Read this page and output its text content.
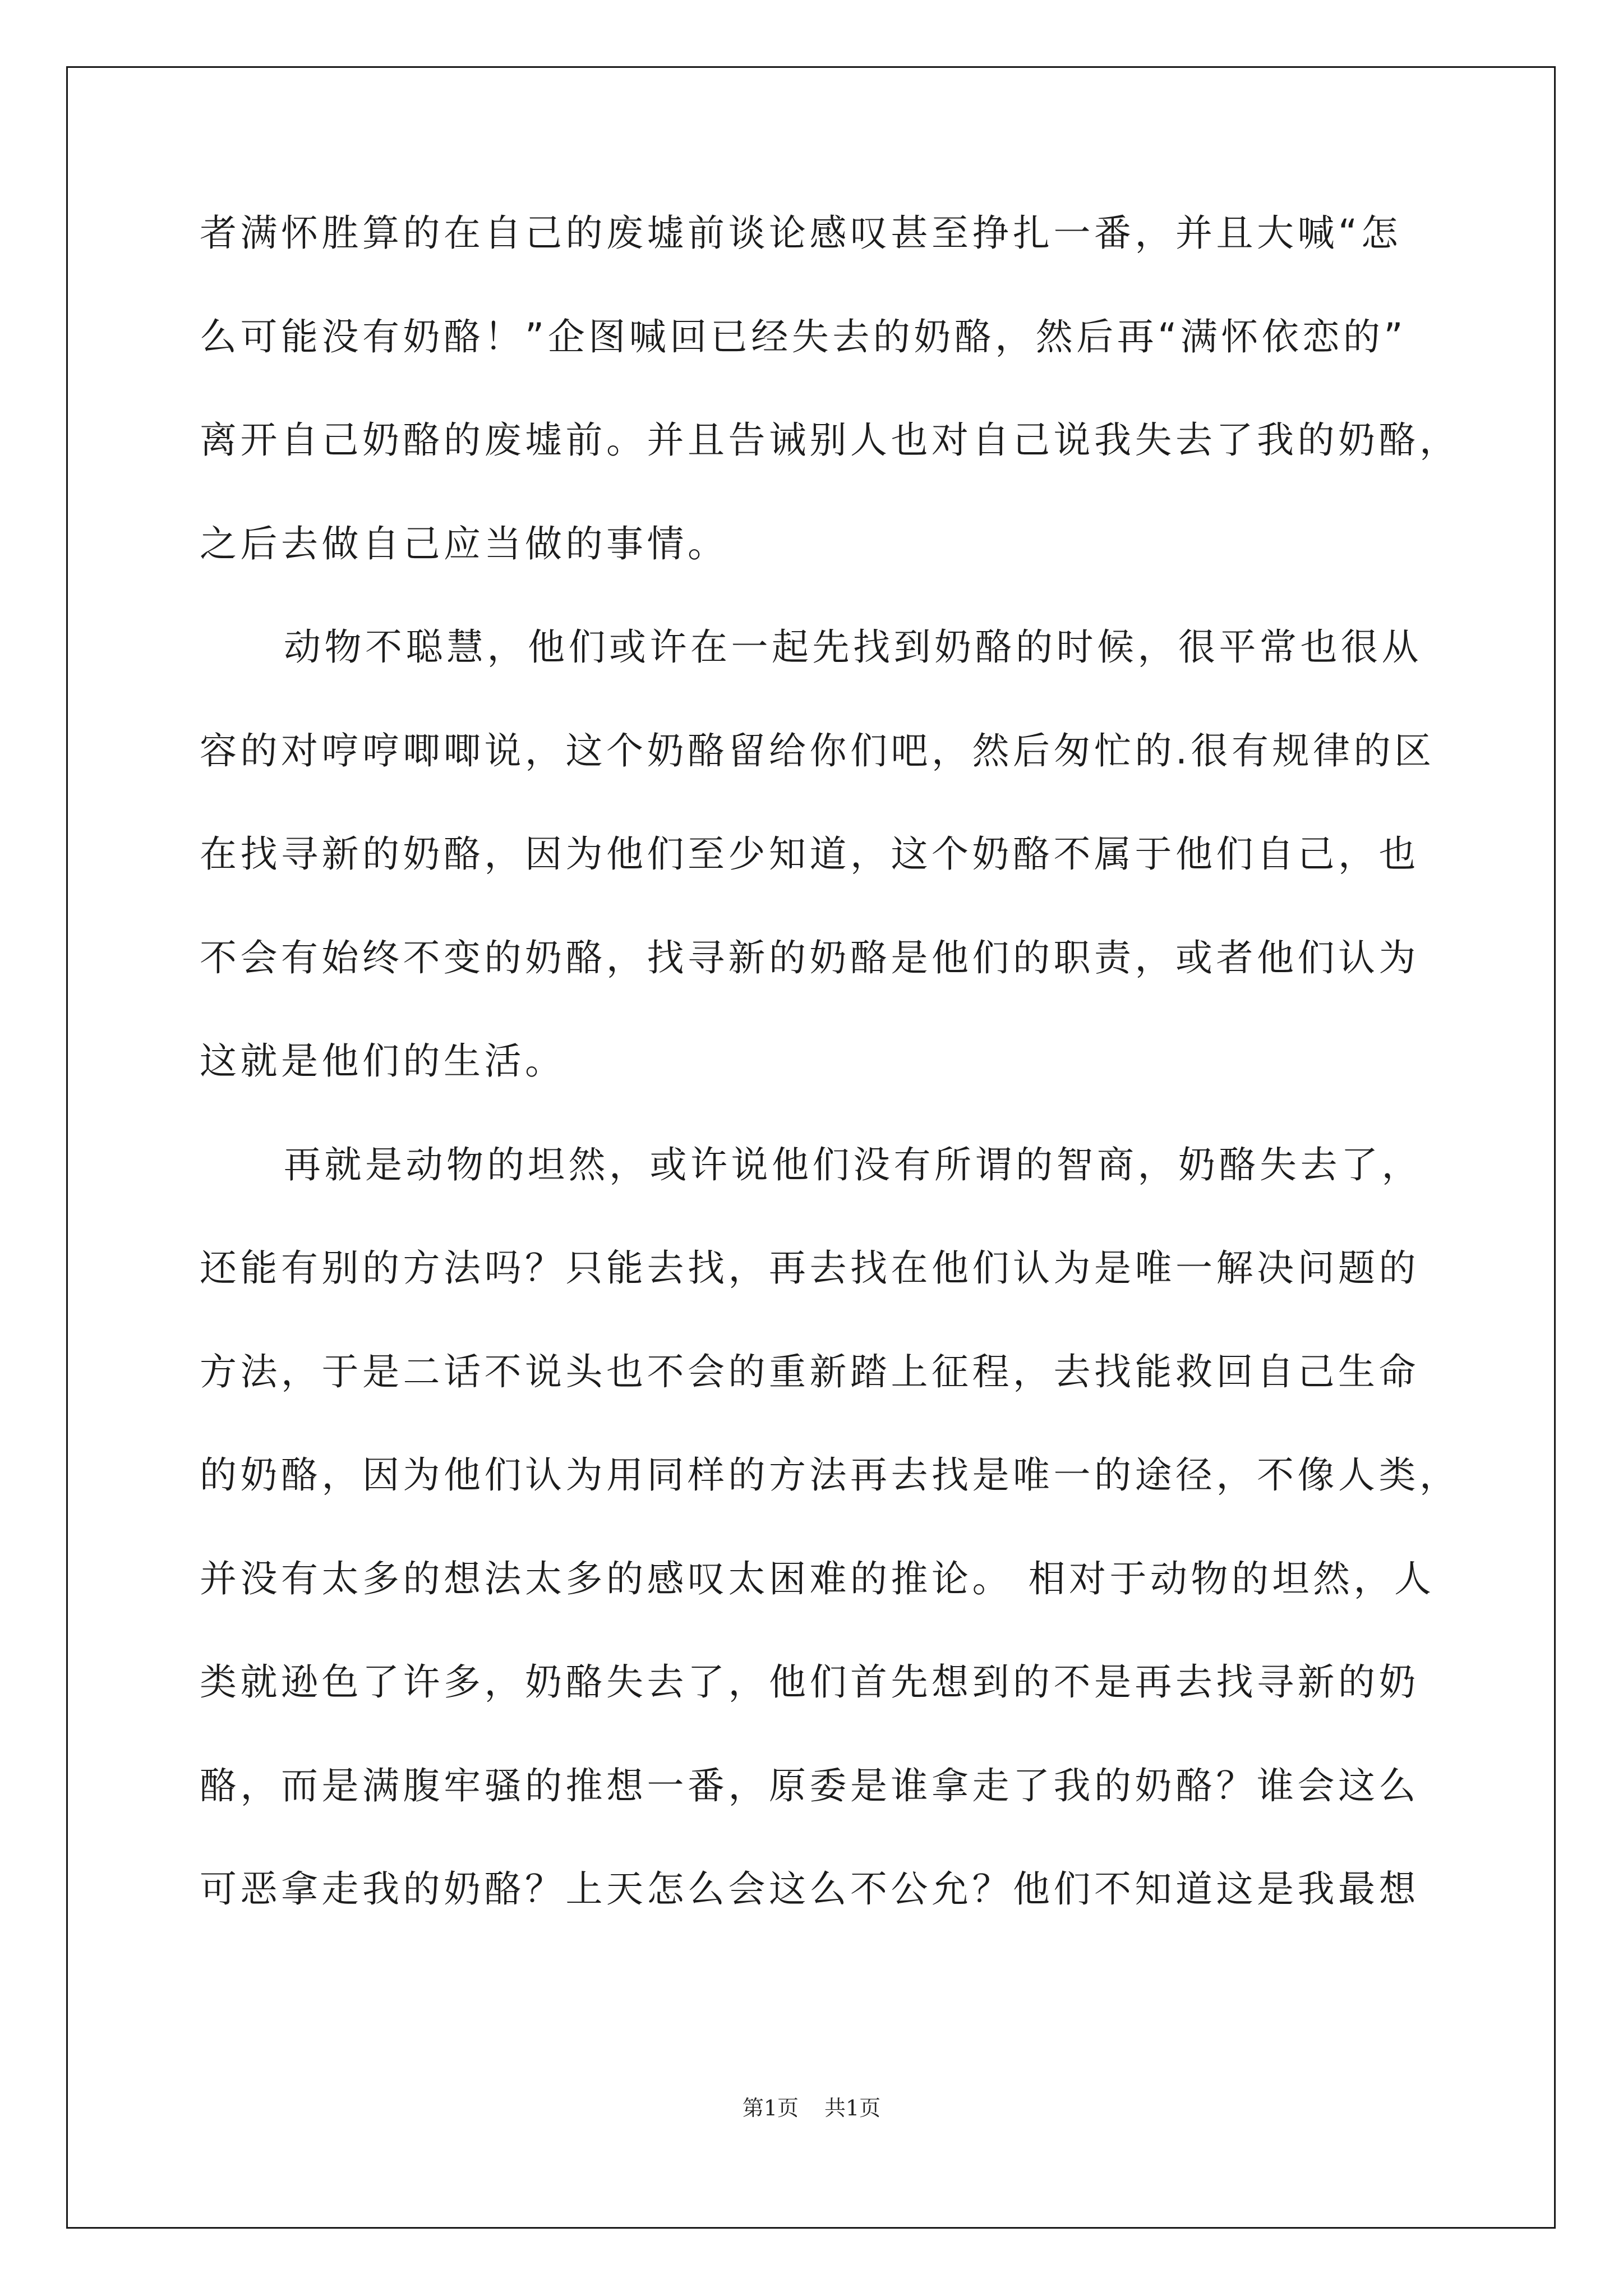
者满怀胜算的在自己的废墟前谈论感叹甚至挣扎一番，并且大喊“怎

么可能没有奶酪！”企图喊回已经失去的奶酪，然后再“满怀依恋的”

离开自己奶酪的废墟前。并且告诫别人也对自己说我失去了我的奶酪，

之后去做自己应当做的事情。

动物不聪慧，他们或许在一起先找到奶酪的时候，很平常也很从

容的对哼哼唧唧说，这个奶酪留给你们吧，然后匆忙的.很有规律的区

在找寻新的奶酪，因为他们至少知道，这个奶酪不属于他们自己，也

不会有始终不变的奶酪，找寻新的奶酪是他们的职责，或者他们认为

这就是他们的生活。

再就是动物的坦然，或许说他们没有所谓的智商，奶酪失去了，

还能有别的方法吗？只能去找，再去找在他们认为是唯一解决问题的

方法，于是二话不说头也不会的重新踏上征程，去找能救回自己生命

的奶酪，因为他们认为用同样的方法再去找是唯一的途径，不像人类，

并没有太多的想法太多的感叹太困难的推论。 相对于动物的坦然，人

类就逊色了许多，奶酪失去了，他们首先想到的不是再去找寻新的奶

酪，而是满腹牢骚的推想一番，原委是谁拿走了我的奶酪？谁会这么

可恶拿走我的奶酪？上天怎么会这么不公允？他们不知道这是我最想

第1页 共1页
